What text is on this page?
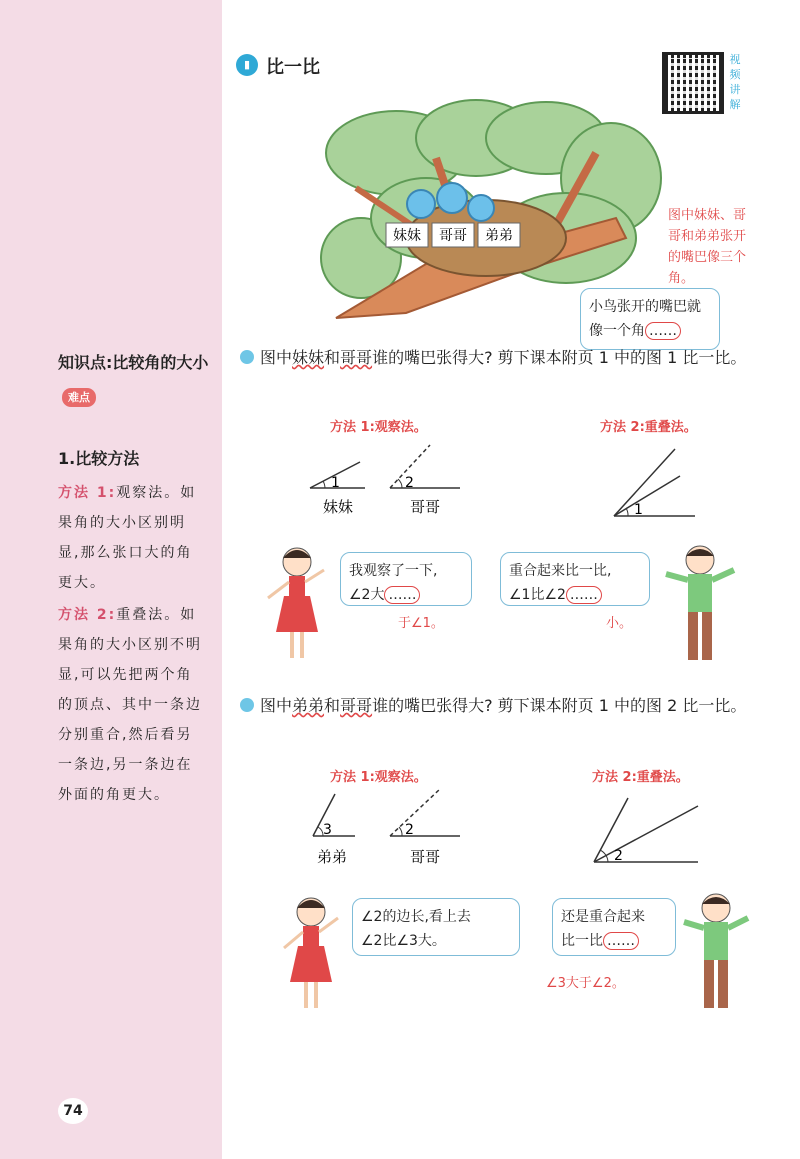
知识点:比较角的大小难点
1.比较方法
方法 1:观察法。如果角的大小区别明显,那么张口大的角更大。
方法 2:重叠法。如果角的大小区别不明显,可以先把两个角的顶点、其中一条边分别重合,然后看另一条边,另一条边在外面的角更大。
74
▮ 比一比	视频讲解
妹妹 哥哥 弟弟
图中妹妹、哥哥和弟弟张开的嘴巴像三个角。
小鸟张开的嘴巴就像一个角 ……
图中妹妹和哥哥谁的嘴巴张得大? 剪下课本附页 1 中的图 1 比一比。
方法 1:观察法。	方法 2:重叠法。
1	2
妹妹	哥哥	1
我观察了一下,
∠2大 ……
于∠1。
重合起来比一比,
∠1比∠2 ……
小。
图中弟弟和哥哥谁的嘴巴张得大? 剪下课本附页 1 中的图 2 比一比。
方法 1:观察法。	方法 2:重叠法。
3	2
弟弟	哥哥	2
∠2的边长,看上去
∠2比∠3大。
还是重合起来
比一比 ……
∠3大于∠2。
